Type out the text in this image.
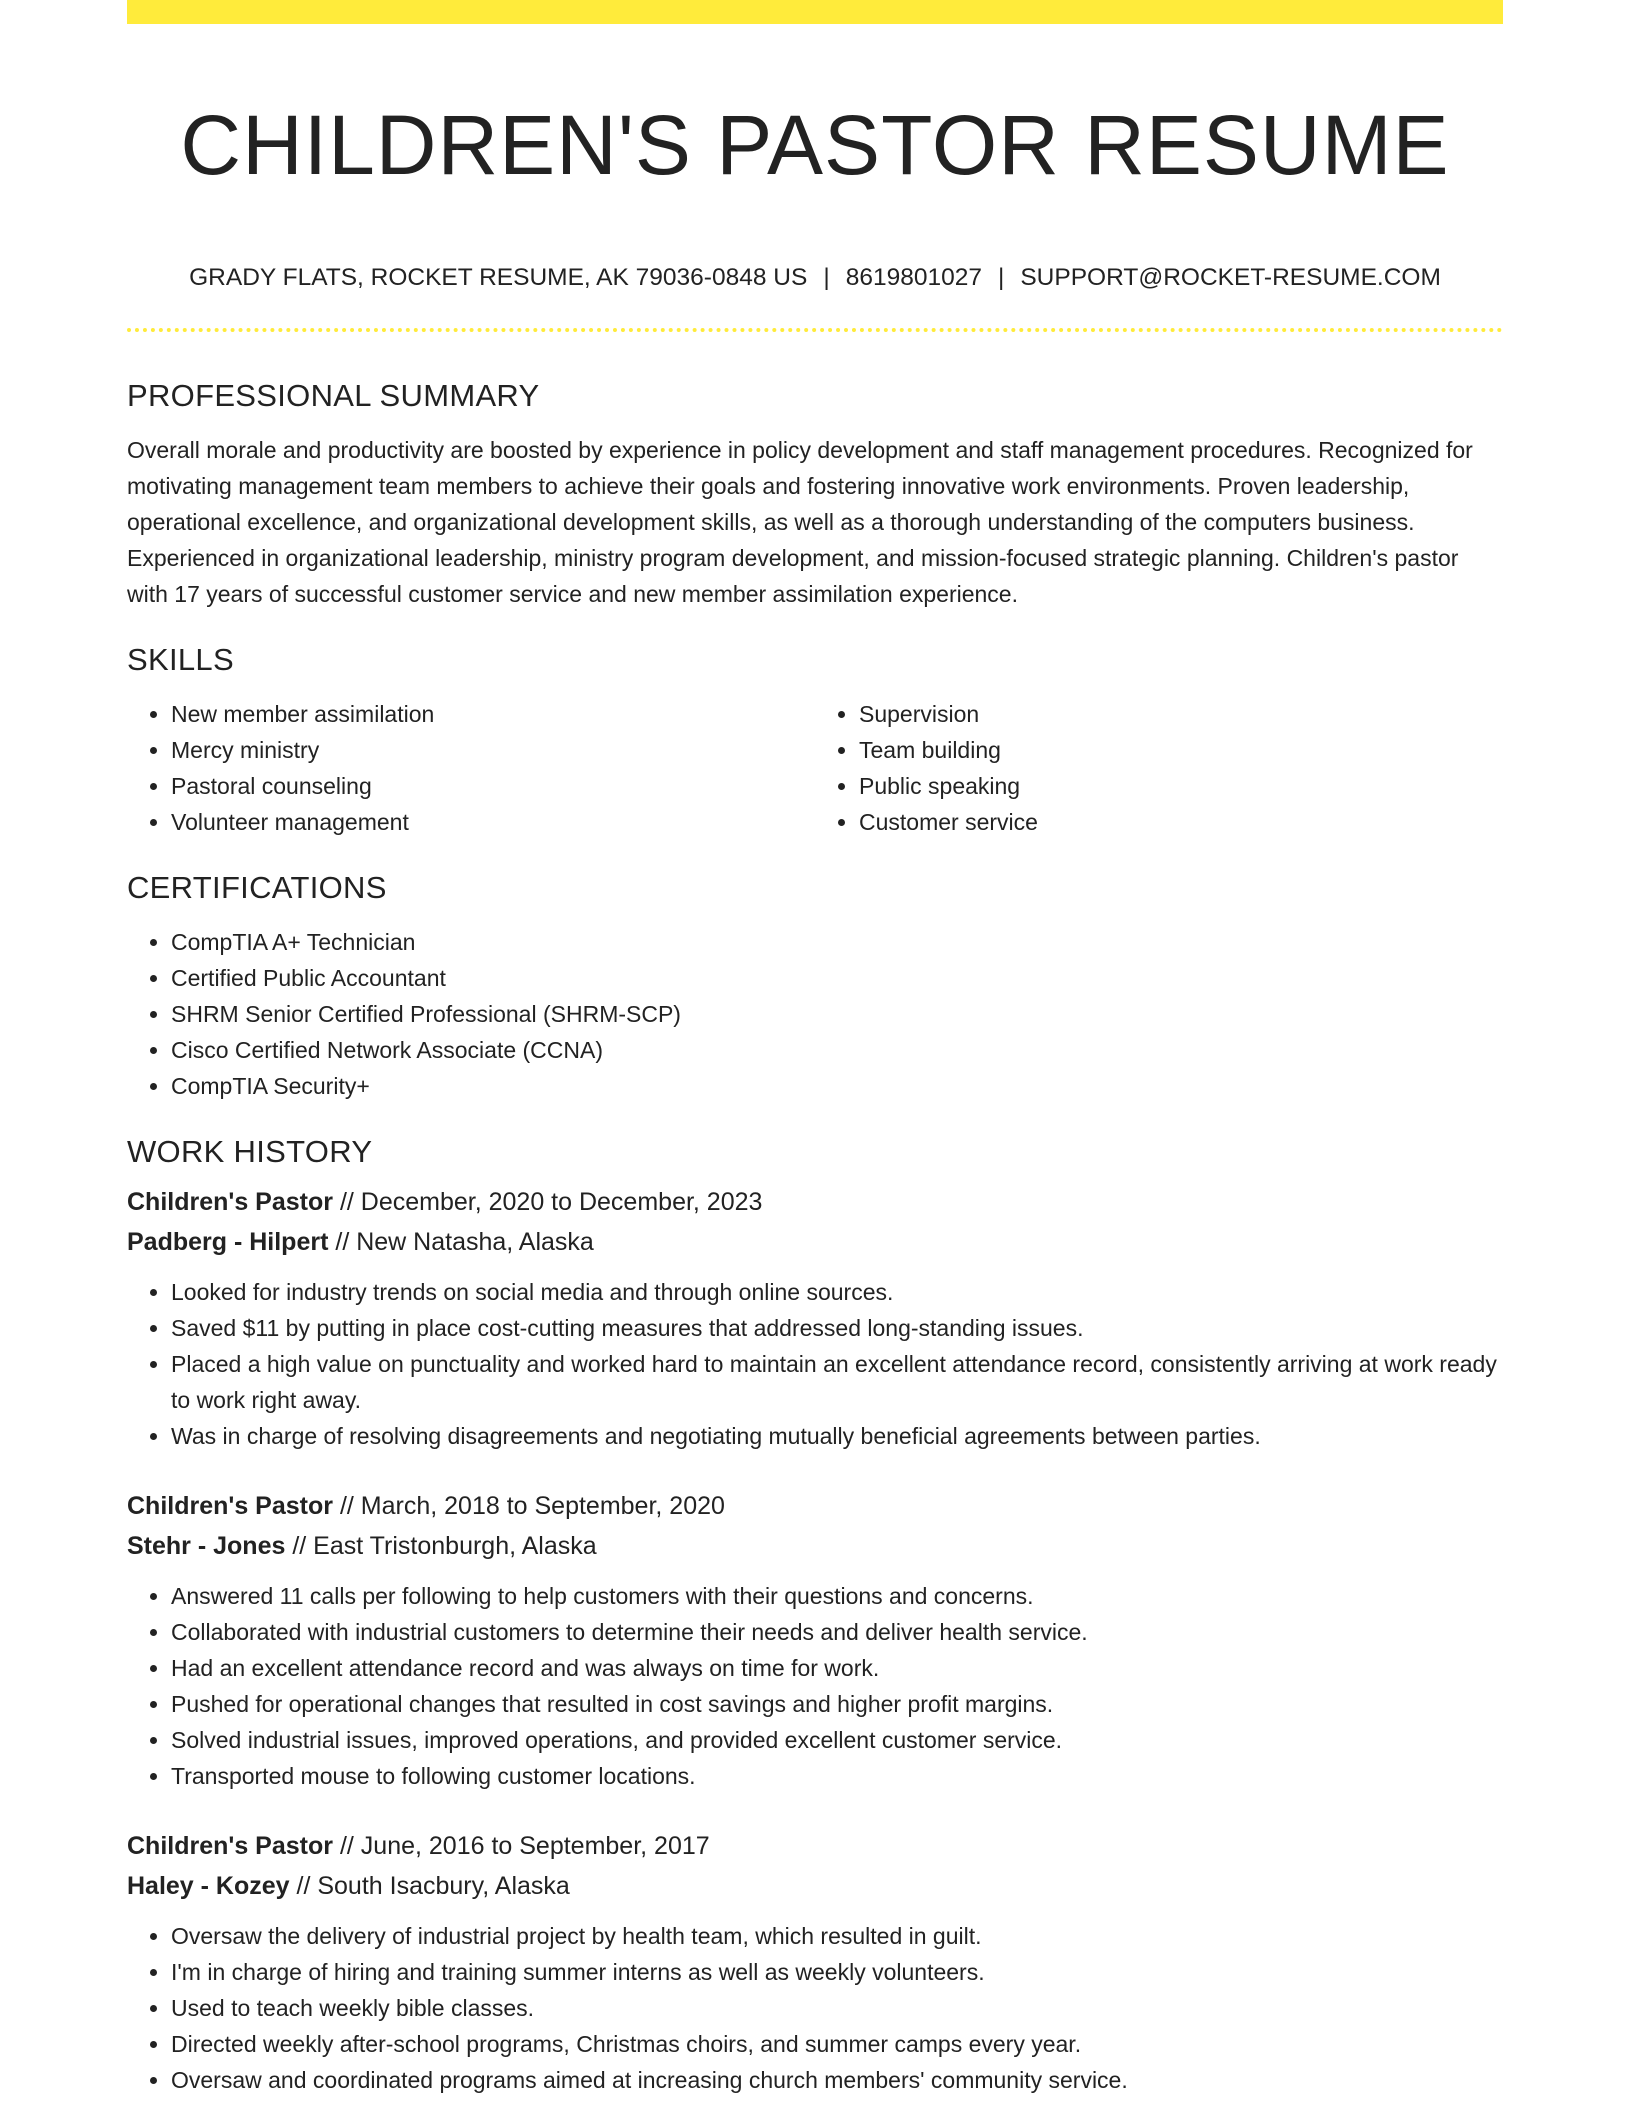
CHILDREN'S PASTOR RESUME
GRADY FLATS, ROCKET RESUME, AK 79036-0848 US | 8619801027 | SUPPORT@ROCKET-RESUME.COM
PROFESSIONAL SUMMARY

Overall morale and productivity are boosted by experience in policy development and staff management procedures. Recognized for motivating management team members to achieve their goals and fostering innovative work environments. Proven leadership, operational excellence, and organizational development skills, as well as a thorough understanding of the computers business. Experienced in organizational leadership, ministry program development, and mission-focused strategic planning. Children's pastor with 17 years of successful customer service and new member assimilation experience.

SKILLS
• New member assimilation
• Mercy ministry
• Pastoral counseling
• Volunteer management
• Supervision
• Team building
• Public speaking
• Customer service
CERTIFICATIONS
• CompTIA A+ Technician
• Certified Public Accountant
• SHRM Senior Certified Professional (SHRM-SCP)
• Cisco Certified Network Associate (CCNA)
• CompTIA Security+
WORK HISTORY

Children's Pastor // December, 2020 to December, 2023

Padberg - Hilpert // New Natasha, Alaska

• Looked for industry trends on social media and through online sources.
• Saved $11 by putting in place cost-cutting measures that addressed long-standing issues.
• Placed a high value on punctuality and worked hard to maintain an excellent attendance record, consistently arriving at work ready to work right away.
• Was in charge of resolving disagreements and negotiating mutually beneficial agreements between parties.

Children's Pastor // March, 2018 to September, 2020

Stehr - Jones // East Tristonburgh, Alaska

• Answered 11 calls per following to help customers with their questions and concerns.
• Collaborated with industrial customers to determine their needs and deliver health service.
• Had an excellent attendance record and was always on time for work.
• Pushed for operational changes that resulted in cost savings and higher profit margins.
• Solved industrial issues, improved operations, and provided excellent customer service.
• Transported mouse to following customer locations.

Children's Pastor // June, 2016 to September, 2017

Haley - Kozey // South Isacbury, Alaska

• Oversaw the delivery of industrial project by health team, which resulted in guilt.
• I'm in charge of hiring and training summer interns as well as weekly volunteers.
• Used to teach weekly bible classes.
• Directed weekly after-school programs, Christmas choirs, and summer camps every year.
• Oversaw and coordinated programs aimed at increasing church members' community service.
